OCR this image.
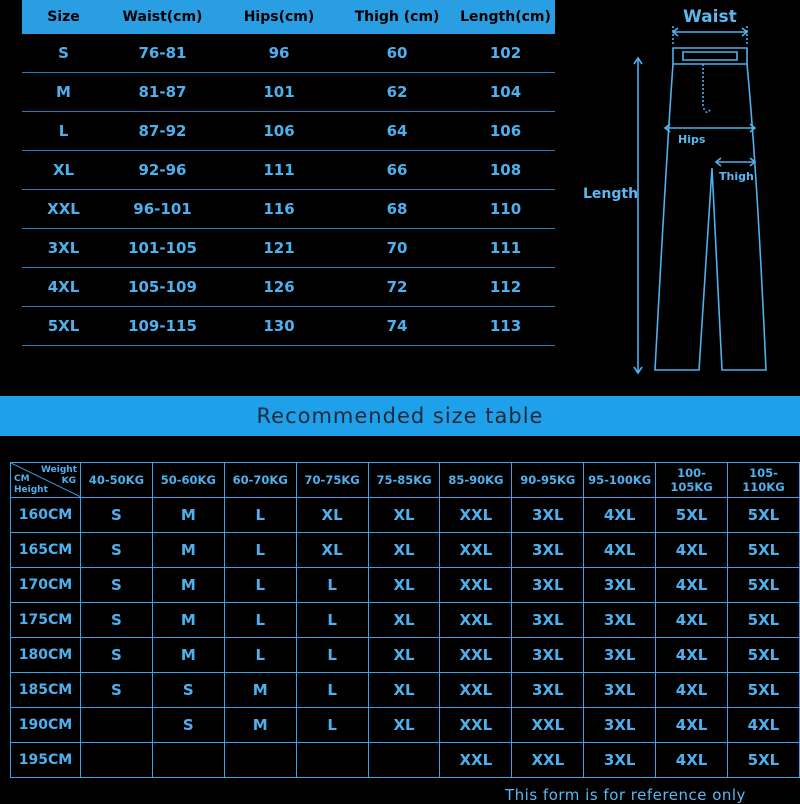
Size	Waist(cm)	Hips(cm)	Thigh (cm)	Length(cm)
S	76-81	96	60	102
M	81-87	101	62	104
L	87-92	106	64	106
XL	92-96	111	66	108
XXL	96-101	116	68	110
3XL	101-105	121	70	111
4XL	105-109	126	72	112
5XL	109-115	130	74	113
Waist
Hips
Thigh
Length
Recommended size table
Weight
KG
CM
Height	40-50KG	50-60KG	60-70KG	70-75KG	75-85KG	85-90KG	90-95KG	95-100KG	100-105KG	105-110KG
160CM	S	M	L	XL	XL	XXL	3XL	4XL	5XL	5XL
165CM	S	M	L	XL	XL	XXL	3XL	4XL	4XL	5XL
170CM	S	M	L	L	XL	XXL	3XL	3XL	4XL	5XL
175CM	S	M	L	L	XL	XXL	3XL	3XL	4XL	5XL
180CM	S	M	L	L	XL	XXL	3XL	3XL	4XL	5XL
185CM	S	S	M	L	XL	XXL	3XL	3XL	4XL	5XL
190CM		S	M	L	XL	XXL	XXL	3XL	4XL	4XL
195CM						XXL	XXL	3XL	4XL	5XL
This form is for reference only
